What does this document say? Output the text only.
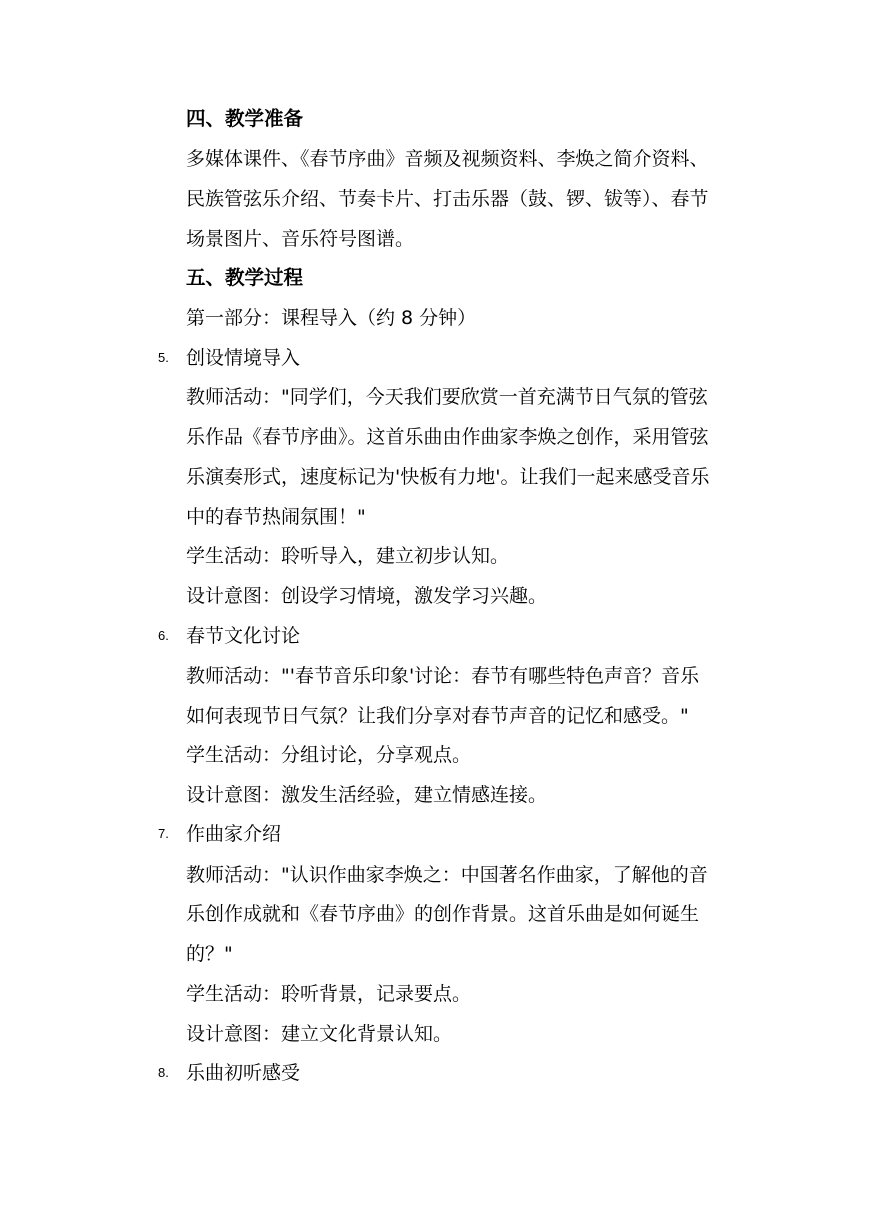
四、教学准备
多媒体课件、《春节序曲》音频及视频资料、李焕之简介资料、
民族管弦乐介绍、节奏卡片、打击乐器（鼓、锣、钹等）、春节
场景图片、音乐符号图谱。
五、教学过程
第一部分：课程导入（约 8 分钟）
5. 创设情境导入
教师活动："同学们，今天我们要欣赏一首充满节日气氛的管弦
乐作品《春节序曲》。这首乐曲由作曲家李焕之创作，采用管弦
乐演奏形式，速度标记为'快板有力地'。让我们一起来感受音乐
中的春节热闹氛围！"
学生活动：聆听导入，建立初步认知。
设计意图：创设学习情境，激发学习兴趣。
6. 春节文化讨论
教师活动："'春节音乐印象'讨论：春节有哪些特色声音？音乐
如何表现节日气氛？让我们分享对春节声音的记忆和感受。"
学生活动：分组讨论，分享观点。
设计意图：激发生活经验，建立情感连接。
7. 作曲家介绍
教师活动："认识作曲家李焕之：中国著名作曲家，了解他的音
乐创作成就和《春节序曲》的创作背景。这首乐曲是如何诞生
的？"
学生活动：聆听背景，记录要点。
设计意图：建立文化背景认知。
8. 乐曲初听感受
